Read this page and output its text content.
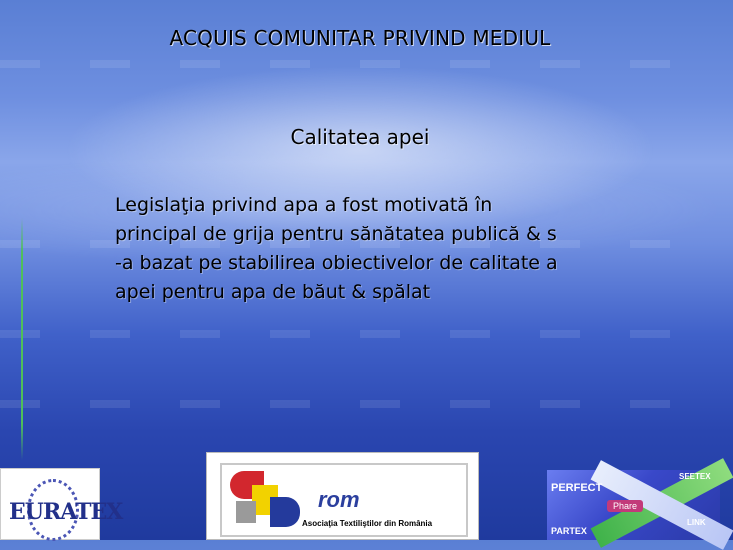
ACQUIS COMUNITAR PRIVIND MEDIUL
Calitatea apei
Legislaţia privind apa a fost motivată în
principal de grija pentru sănătatea publică & s
-a bazat pe stabilirea obiectivelor de calitate a
apei pentru apa de băut & spălat
EURATEX	rom
Asociaţia Textiliştilor din România
PERFECT
SEETEX
Phare
PARTEX
LINK
